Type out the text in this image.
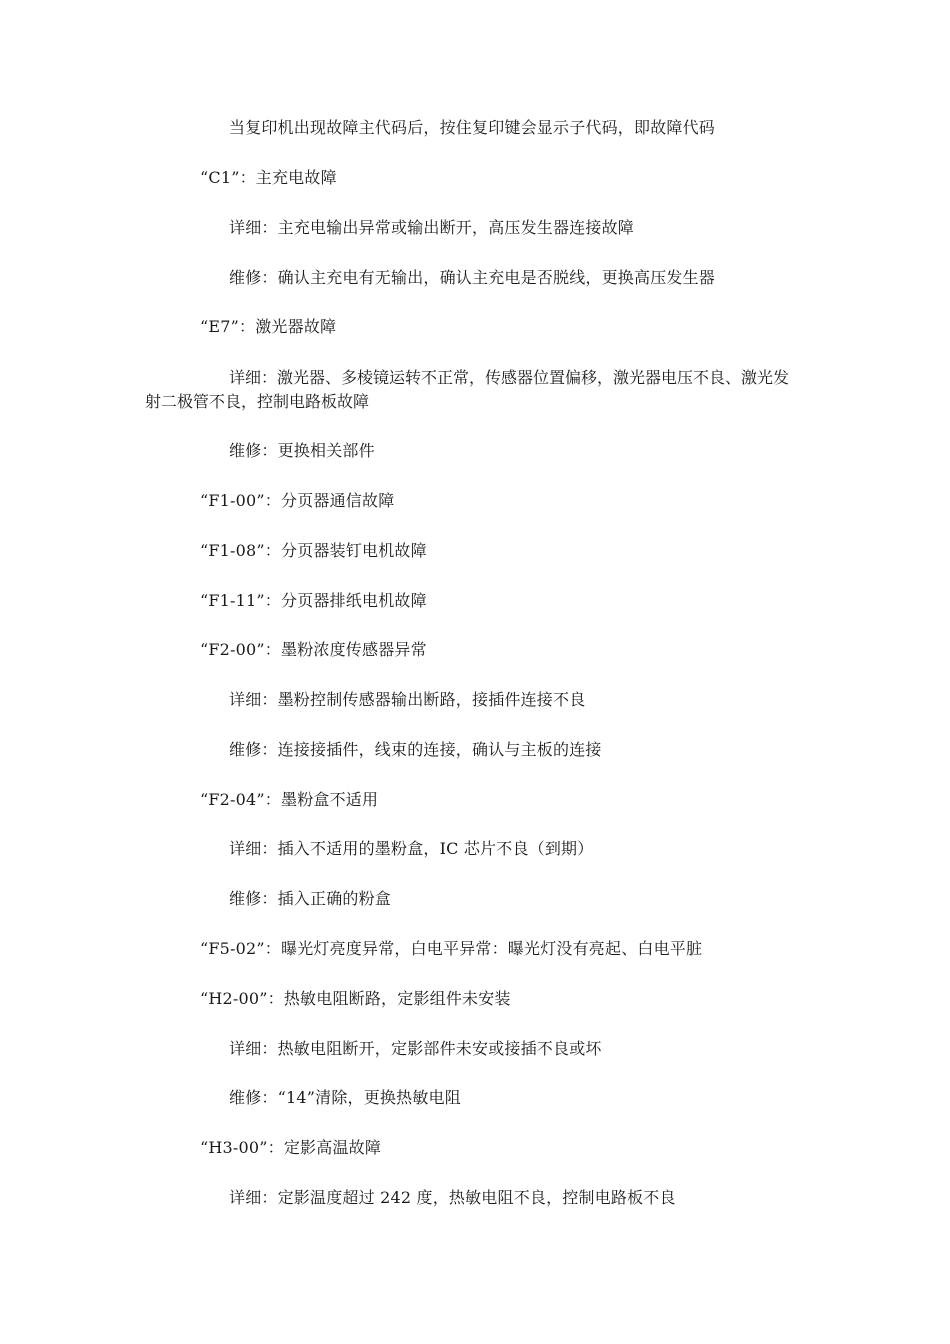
当复印机出现故障主代码后，按住复印键会显示子代码，即故障代码
“C1”：主充电故障
详细：主充电输出异常或输出断开，高压发生器连接故障
维修：确认主充电有无输出，确认主充电是否脱线，更换高压发生器
“E7”：激光器故障
详细：激光器、多棱镜运转不正常，传感器位置偏移，激光器电压不良、激光发
射二极管不良，控制电路板故障
维修：更换相关部件
“F1-00”：分页器通信故障
“F1-08”：分页器装钉电机故障
“F1-11”：分页器排纸电机故障
“F2-00”：墨粉浓度传感器异常
详细：墨粉控制传感器输出断路，接插件连接不良
维修：连接接插件，线束的连接，确认与主板的连接
“F2-04”：墨粉盒不适用
详细：插入不适用的墨粉盒，IC 芯片不良（到期）
维修：插入正确的粉盒
“F5-02”：曝光灯亮度异常，白电平异常：曝光灯没有亮起、白电平脏
“H2-00”：热敏电阻断路，定影组件未安装
详细：热敏电阻断开，定影部件未安或接插不良或坏
维修：“14”清除，更换热敏电阻
“H3-00”：定影高温故障
详细：定影温度超过 242 度，热敏电阻不良，控制电路板不良
